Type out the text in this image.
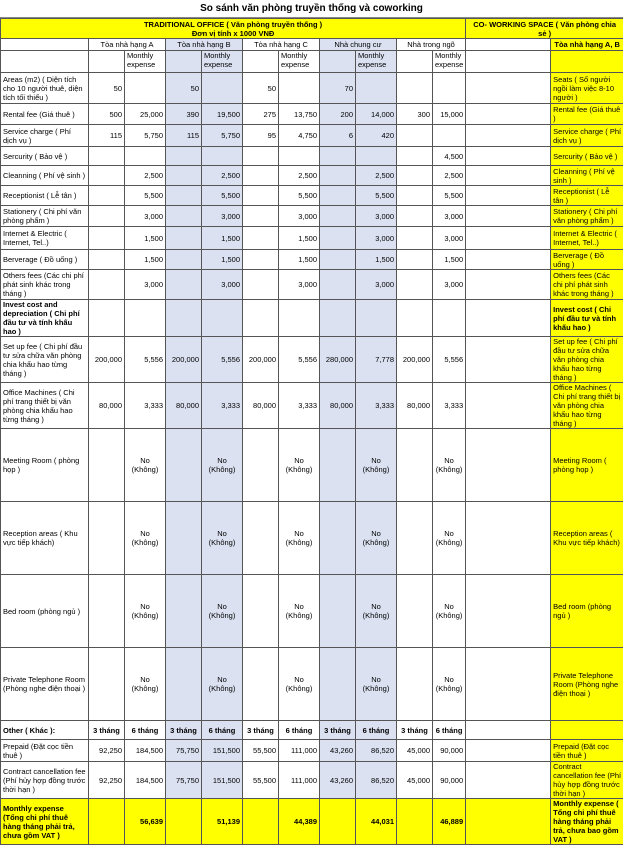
So sánh văn phòng truyền thống và coworking
TRADITIONAL OFFICE ( Văn phòng truyền thống )
Đơn vị tính x 1000 VNĐ											CO- WORKING SPACE ( Văn phòng chia sẻ )		
	Tòa nhà hạng A		Tòa nhà hạng B		Tòa nhà hạng C		Nhà chung cư		Nhà trong ngõ			Tòa nhà hạng A, B	
		Monthly expense		Monthly expense		Monthly expense		Monthly expense		Monthly expense			
Areas (m2) ( Diện tích cho 10 người thuê, diện tích tối thiểu )	50		50		50		70					Seats ( Số người ngồi làm việc 8-10 người )	
Rental fee (Giá thuê )	500	25,000	390	19,500	275	13,750	200	14,000	300	15,000		Rental fee (Giá thuê )	
Service charge ( Phí dịch vụ )	115	5,750	115	5,750	95	4,750	6	420				Service charge ( Phí dịch vụ )	
Sercurity ( Bảo vệ )										4,500		Sercurity ( Bảo vệ )	
Cleanning ( Phí vệ sinh )		2,500		2,500		2,500		2,500		2,500		Cleanning ( Phí vệ sinh )	
Receptionist ( Lễ tân )		5,500		5,500		5,500		5,500		5,500		Receptionist ( Lễ tân )	
Stationery ( Chi phí văn phòng phẩm )		3,000		3,000		3,000		3,000		3,000		Stationery ( Chi phí văn phòng phẩm )	
Internet & Electric ( Internet, Tel..)		1,500		1,500		1,500		3,000		3,000		Internet & Electric ( Internet, Tel..)	
Berverage ( Đồ uống )		1,500		1,500		1,500		1,500		1,500		Berverage ( Đồ uống )	
Others fees (Các chi phí phát sinh khác trong tháng )		3,000		3,000		3,000		3,000		3,000		Others fees (Các chi phí phát sinh khác trong tháng )	
Invest cost and depreciation ( Chi phí đầu tư và tính khấu hao )												Invest cost ( Chi phí đầu tư và tính khấu hao )	
Set up fee ( Chi phí đầu tư sửa chữa văn phòng chia khấu hao từng tháng )	200,000	5,556	200,000	5,556	200,000	5,556	280,000	7,778	200,000	5,556		Set up fee ( Chi phí đầu tư sửa chữa văn phòng chia khấu hao từng tháng )	
Office Machines ( Chi phí trang thiết bị văn phòng chia khấu hao từng tháng )	80,000	3,333	80,000	3,333	80,000	3,333	80,000	3,333	80,000	3,333		Office Machines ( Chi phí trang thiết bị văn phòng chia khấu hao từng tháng )	
Meeting Room ( phòng họp )		No (Không)		No (Không)		No (Không)		No (Không)		No (Không)		Meeting Room ( phòng họp )	
Reception areas ( Khu vực tiếp khách)		No (Không)		No (Không)		No (Không)		No (Không)		No (Không)		Reception areas ( Khu vực tiếp khách)	
Bed room (phòng ngủ )		No (Không)		No (Không)		No (Không)		No (Không)		No (Không)		Bed room (phòng ngủ )	
Private Telephone Room (Phòng nghe điện thoại )		No (Không)		No (Không)		No (Không)		No (Không)		No (Không)		Private Telephone Room (Phòng nghe điện thoại )	
Other ( Khác ):	3 tháng	6 tháng	3 tháng	6 tháng	3 tháng	6 tháng	3 tháng	6 tháng	3 tháng	6 tháng			
Prepaid (Đặt cọc tiền thuê )	92,250	184,500	75,750	151,500	55,500	111,000	43,260	86,520	45,000	90,000		Prepaid (Đặt cọc tiền thuê )	
Contract cancellation fee (Phí hủy hợp đồng trước thời hạn )	92,250	184,500	75,750	151,500	55,500	111,000	43,260	86,520	45,000	90,000		Contract cancellation fee (Phí hủy hợp đồng trước thời hạn )	
Monthly expense (Tổng chi phí thuê hàng tháng phải trả, chưa gồm VAT )		56,639		51,139		44,389		44,031		46,889		Monthly expense ( Tổng chi phí thuê hàng tháng phải trả, chưa bao gồm VAT )	
